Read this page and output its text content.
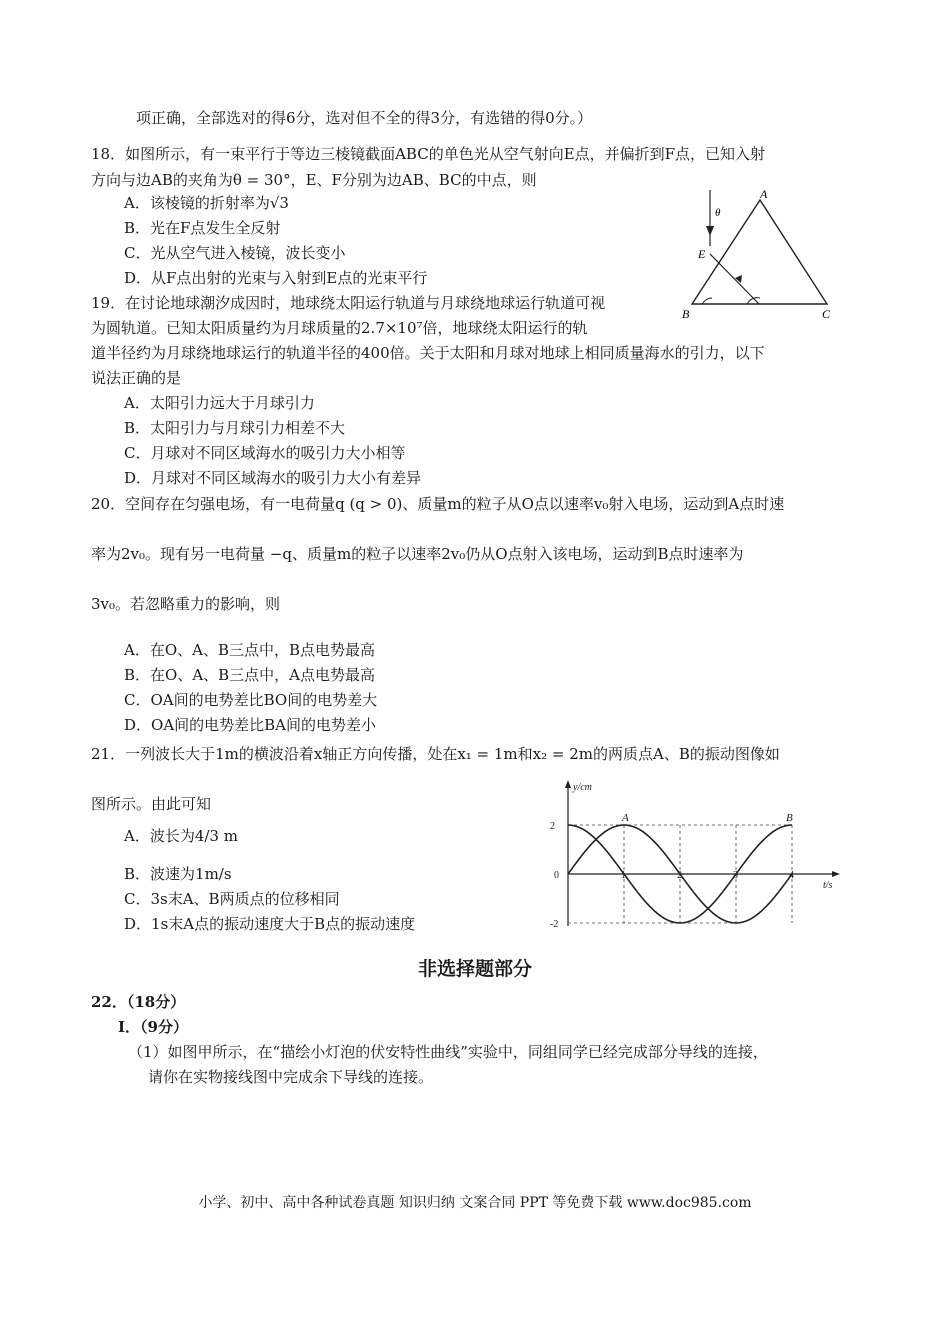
项正确，全部选对的得6分，选对但不全的得3分，有选错的得0分。）
18．如图所示，有一束平行于等边三棱镜截面ABC的单色光从空气射向E点，并偏折到F点，已知入射
方向与边AB的夹角为θ = 30°，E、F分别为边AB、BC的中点，则
A．该棱镜的折射率为√3
B．光在F点发生全反射
C．光从空气进入棱镜，波长变小
D．从F点出射的光束与入射到E点的光束平行
A
B	C
E
θ
19．在讨论地球潮汐成因时，地球绕太阳运行轨道与月球绕地球运行轨道可视
为圆轨道。已知太阳质量约为月球质量的2.7×10⁷倍，地球绕太阳运行的轨
道半径约为月球绕地球运行的轨道半径的400倍。关于太阳和月球对地球上相同质量海水的引力，以下
说法正确的是
A．太阳引力远大于月球引力
B．太阳引力与月球引力相差不大
C．月球对不同区域海水的吸引力大小相等
D．月球对不同区域海水的吸引力大小有差异
20．空间存在匀强电场，有一电荷量q (q > 0)、质量m的粒子从O点以速率v₀射入电场，运动到A点时速
率为2v₀。现有另一电荷量 −q、质量m的粒子以速率2v₀仍从O点射入该电场，运动到B点时速率为
3v₀。若忽略重力的影响，则
A．在O、A、B三点中，B点电势最高
B．在O、A、B三点中，A点电势最高
C．OA间的电势差比BO间的电势差大
D．OA间的电势差比BA间的电势差小
21．一列波长大于1m的横波沿着x轴正方向传播，处在x₁ = 1m和x₂ = 2m的两质点A、B的振动图像如
图所示。由此可知
A．波长为4/3 m
B．波速为1m/s
C．3s末A、B两质点的位移相同
D．1s末A点的振动速度大于B点的振动速度
0	1	2	3	4
2
-2
y/cm
t/s
A	B
非选择题部分
22．（18分）
Ⅰ．（9分）
（1）如图甲所示，在“描绘小灯泡的伏安特性曲线”实验中，同组同学已经完成部分导线的连接，
请你在实物接线图中完成余下导线的连接。
小学、初中、高中各种试卷真题 知识归纳 文案合同 PPT 等免费下载 www.doc985.com
